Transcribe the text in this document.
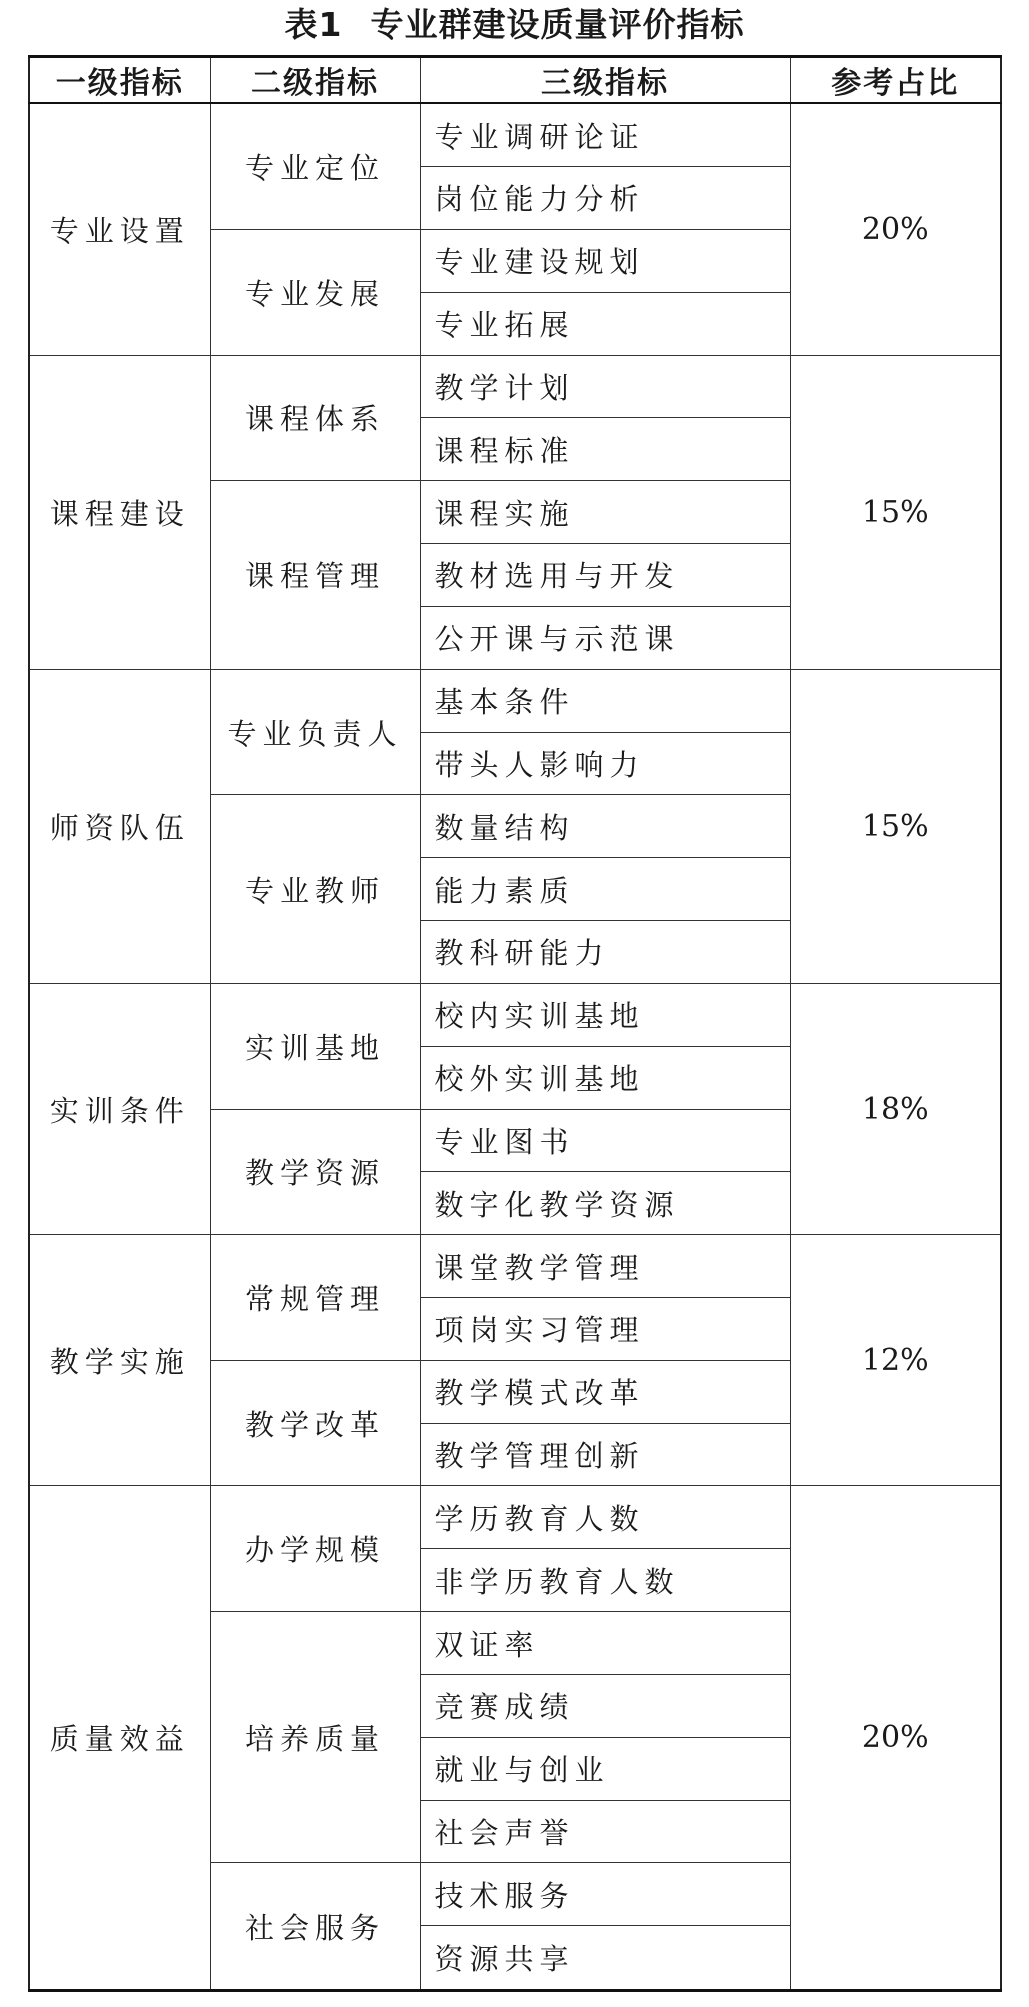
表1 专业群建设质量评价指标
一级指标	二级指标	三级指标	参考占比
专业设置	专业定位	专业调研论证	20%
		岗位能力分析	
	专业发展	专业建设规划	
		专业拓展	
课程建设	课程体系	教学计划	15%
		课程标准	
	课程管理	课程实施	
		教材选用与开发	
		公开课与示范课	
师资队伍	专业负责人	基本条件	15%
		带头人影响力	
	专业教师	数量结构	
		能力素质	
		教科研能力	
实训条件	实训基地	校内实训基地	18%
		校外实训基地	
	教学资源	专业图书	
		数字化教学资源	
教学实施	常规管理	课堂教学管理	12%
		项岗实习管理	
	教学改革	教学模式改革	
		教学管理创新	
质量效益	办学规模	学历教育人数	20%
		非学历教育人数	
	培养质量	双证率	
		竞赛成绩	
		就业与创业	
		社会声誉	
	社会服务	技术服务	
		资源共享	
